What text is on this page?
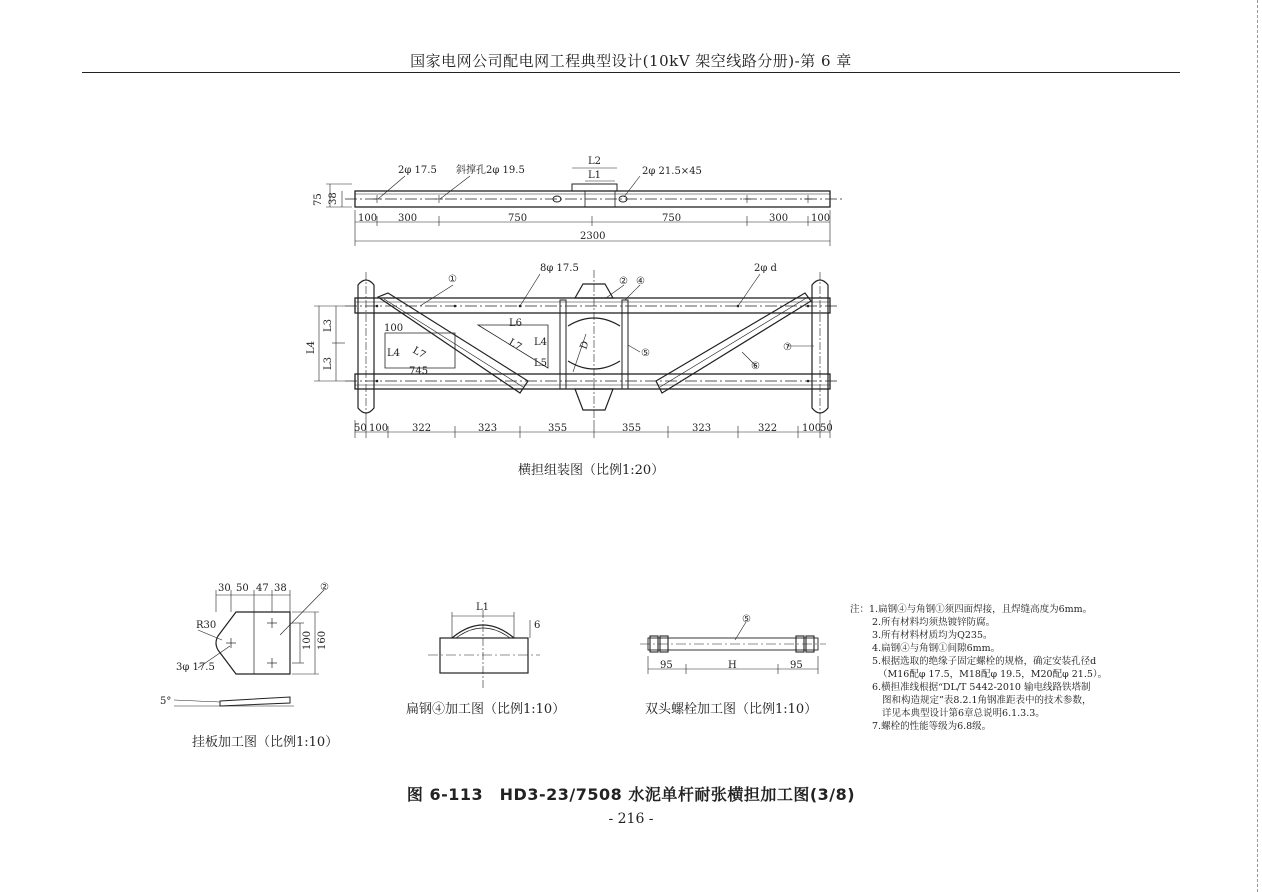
国家电网公司配电网工程典型设计(10kV 架空线路分册)-第 6 章
2φ 17.5 斜撑孔2φ 19.5	2φ 21.5×45
L2
L1
75 38
100 300	750	750	300 100
2300
①
8φ 17.5
② ④
2φ d
⑤
⑥
⑦
D
L4
L3
L3
100	L6
L4
L7
L4 L7
L5
745
50 100 322	323	355	355	323	322 100
50
横担组装图（比例1:20）
30 50 47 38	②
R30
3φ 17.5
100 160
5°
挂板加工图（比例1:10）
L1
6
扁钢④加工图（比例1:10）
⑤
95	H	95
双头螺栓加工图（比例1:10）
注：1.扁钢④与角钢①须四面焊接，且焊缝高度为6mm。
2.所有材料均须热镀锌防腐。
3.所有材料材质均为Q235。
4.扁钢④与角钢①间隙6mm。
5.根据选取的绝缘子固定螺栓的规格，确定安装孔径d
（M16配φ 17.5，M18配φ 19.5，M20配φ 21.5）。
6.横担准线根据“DL/T 5442-2010 输电线路铁塔制
图和构造规定”表8.2.1角钢准距表中的技术参数，
详见本典型设计第6章总说明6.1.3.3。
7.螺栓的性能等级为6.8级。
图 6-113　HD3-23/7508 水泥单杆耐张横担加工图(3/8)
- 216 -
